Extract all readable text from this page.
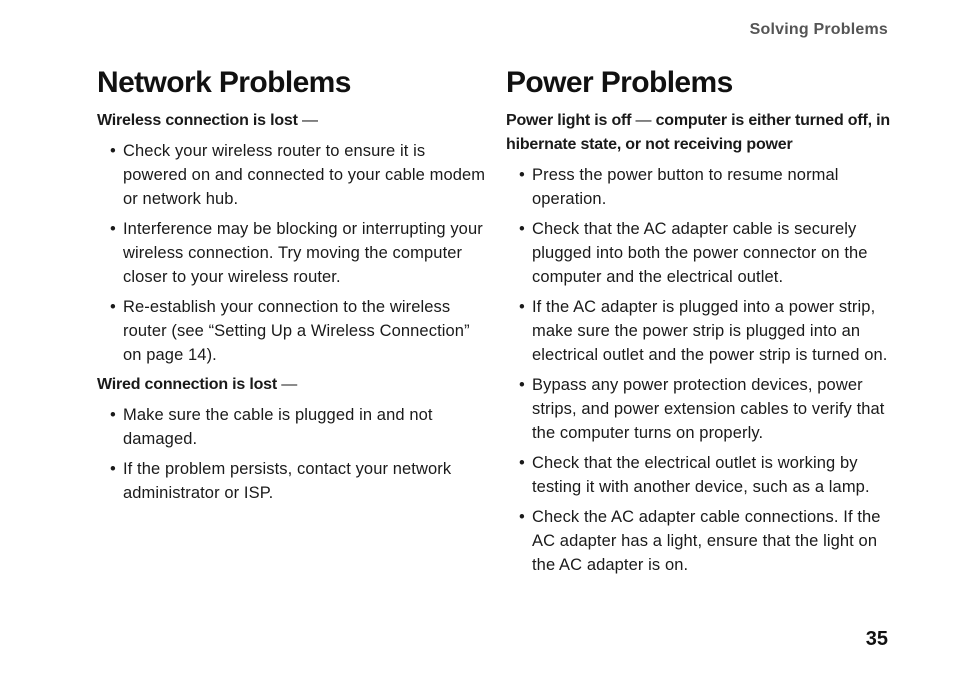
Solving Problems
Network Problems
Wireless connection is lost —
• Check your wireless router to ensure it is powered on and connected to your cable modem or network hub.
• Interference may be blocking or interrupting your wireless connection. Try moving the computer closer to your wireless router.
• Re-establish your connection to the wireless router (see “Setting Up a Wireless Connection” on page 14).
Wired connection is lost —
• Make sure the cable is plugged in and not damaged.
• If the problem persists, contact your network administrator or ISP.
Power Problems
Power light is off — computer is either turned off, in hibernate state, or not receiving power
• Press the power button to resume normal operation.
• Check that the AC adapter cable is securely plugged into both the power connector on the computer and the electrical outlet.
• If the AC adapter is plugged into a power strip, make sure the power strip is plugged into an electrical outlet and the power strip is turned on.
• Bypass any power protection devices, power strips, and power extension cables to verify that the computer turns on properly.
• Check that the electrical outlet is working by testing it with another device, such as a lamp.
• Check the AC adapter cable connections. If the AC adapter has a light, ensure that the light on the AC adapter is on.
35
